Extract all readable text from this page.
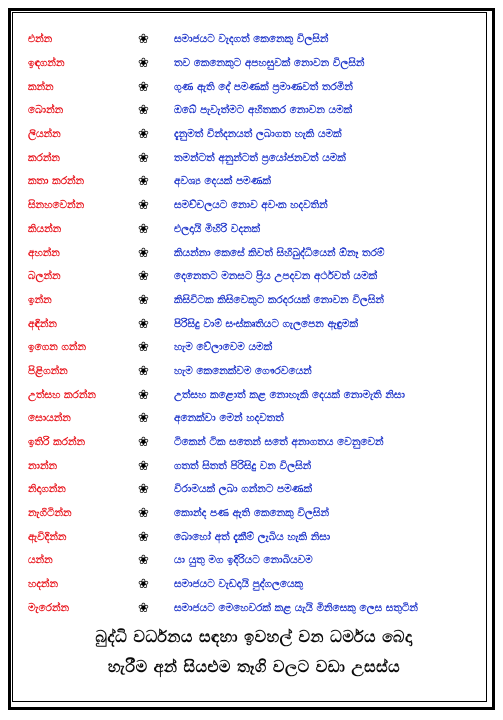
එන්න	❀	සමාජයට වැදගත් කෙනෙකු විලසින්
ඉඳගන්න	❀	තව කෙනෙකුට අපහසුවක් නොවන විලසින්
කන්න	❀	ගුණ ඇති දේ පමණක් ප්‍රමාණවත් තරමින්
බොන්න	❀	ඔබේ පැවැත්මට අහිතකර නොවන යමක්
ලියන්න	❀	දැනුමත් වින්දනයත් ලබාගත හැකි යමක්
කරන්න	❀	තමන්ටත් අනුන්ටත් ප්‍රයෝජනවත් යමක්
කතා කරන්න	❀	අවශ්‍ය දෙයක් පමණක්
සිනහවෙන්න	❀	සමච්චලයට නොව අවංක හදවතින්
කියන්න	❀	එලදායි මිහිරි වදනක්
අහන්න	❀	කියන්නා කෙසේ කිවත් සිහිබුද්ධියෙන් ඕනෑ තරම්
බලන්න	❀	දෙනෙතට මනසට ප්‍රිය උපදවන අර්ථවත් යමක්
ඉන්න	❀	කිසිවිටක කිසිවෙකුට කරදරයක් නොවන විලසින්
අඳින්න	❀	පිරිසිදු වාම් සංස්කෘතියට ගැලපෙන ඇඳුමක්
ඉගෙන ගන්න	❀	හැම වේලාවෙම යමක්
පිළිගන්න	❀	හැම කෙනෙක්වම ගෞරවයෙන්
උත්සහ කරන්න	❀	උත්සහ කළොත් කළ නොහැකි දෙයක් නොමැති නිසා
සොයන්න	❀	අනෙක්වා මෙන් හදවතත්
ඉතිරි කරන්න	❀	ටිකෙන් ටික සතෙන් සතේ අනාගතය වෙනුවෙන්
නාන්න	❀	ගතත් සිතත් පිරිසිදු වන විලසින්
නිදාගන්න	❀	විරාමයක් ලබා ගන්නට පමණක්
නැගිටින්න	❀	කොන්ද පණ ඇති කෙනෙකු විලසින්
ඇවිදින්න	❀	බොහෝ අත් දැකීම් ලැබිය හැකි නිසා
යන්න	❀	යා යුතු මග ඉදිරියට නොබියවම
හදන්න	❀	සමාජයට වැඩදායි පුද්ගලයෙකු
මැරෙන්න	❀	සමාජයට මෙහෙවරක් කළ යැයි මිනිසෙකු ලෙස සතුටින්
බුද්ධි වර්ධනය සඳහා ඉවහල් වන ධර්මය බෙදා
හැරීම අන් සියළුම තෑගි වලට වඩා උසස්ය
